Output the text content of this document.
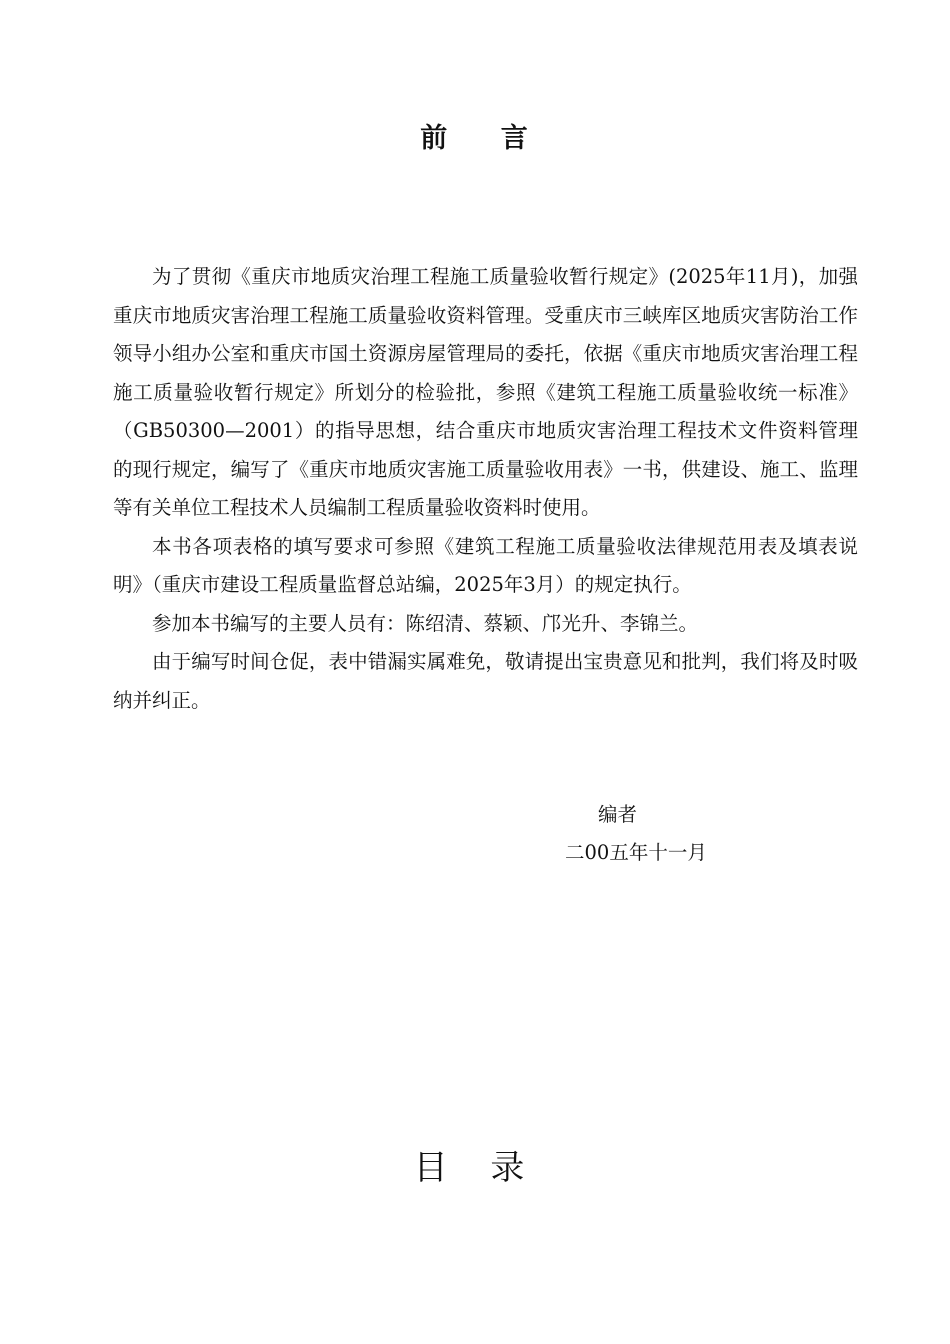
前 言

为了贯彻《重庆市地质灾治理工程施工质量验收暂行规定》(2025年11月)，加强重庆市地质灾害治理工程施工质量验收资料管理。受重庆市三峡库区地质灾害防治工作领导小组办公室和重庆市国土资源房屋管理局的委托，依据《重庆市地质灾害治理工程施工质量验收暂行规定》所划分的检验批，参照《建筑工程施工质量验收统一标准》（GB50300—2001）的指导思想，结合重庆市地质灾害治理工程技术文件资料管理的现行规定，编写了《重庆市地质灾害施工质量验收用表》一书，供建设、施工、监理等有关单位工程技术人员编制工程质量验收资料时使用。

本书各项表格的填写要求可参照《建筑工程施工质量验收法律规范用表及填表说明》（重庆市建设工程质量监督总站编，2025年3月）的规定执行。

参加本书编写的主要人员有：陈绍清、蔡颖、邝光升、李锦兰。

由于编写时间仓促，表中错漏实属难免，敬请提出宝贵意见和批判，我们将及时吸纳并纠正。

编者
二00五年十一月
目 录
